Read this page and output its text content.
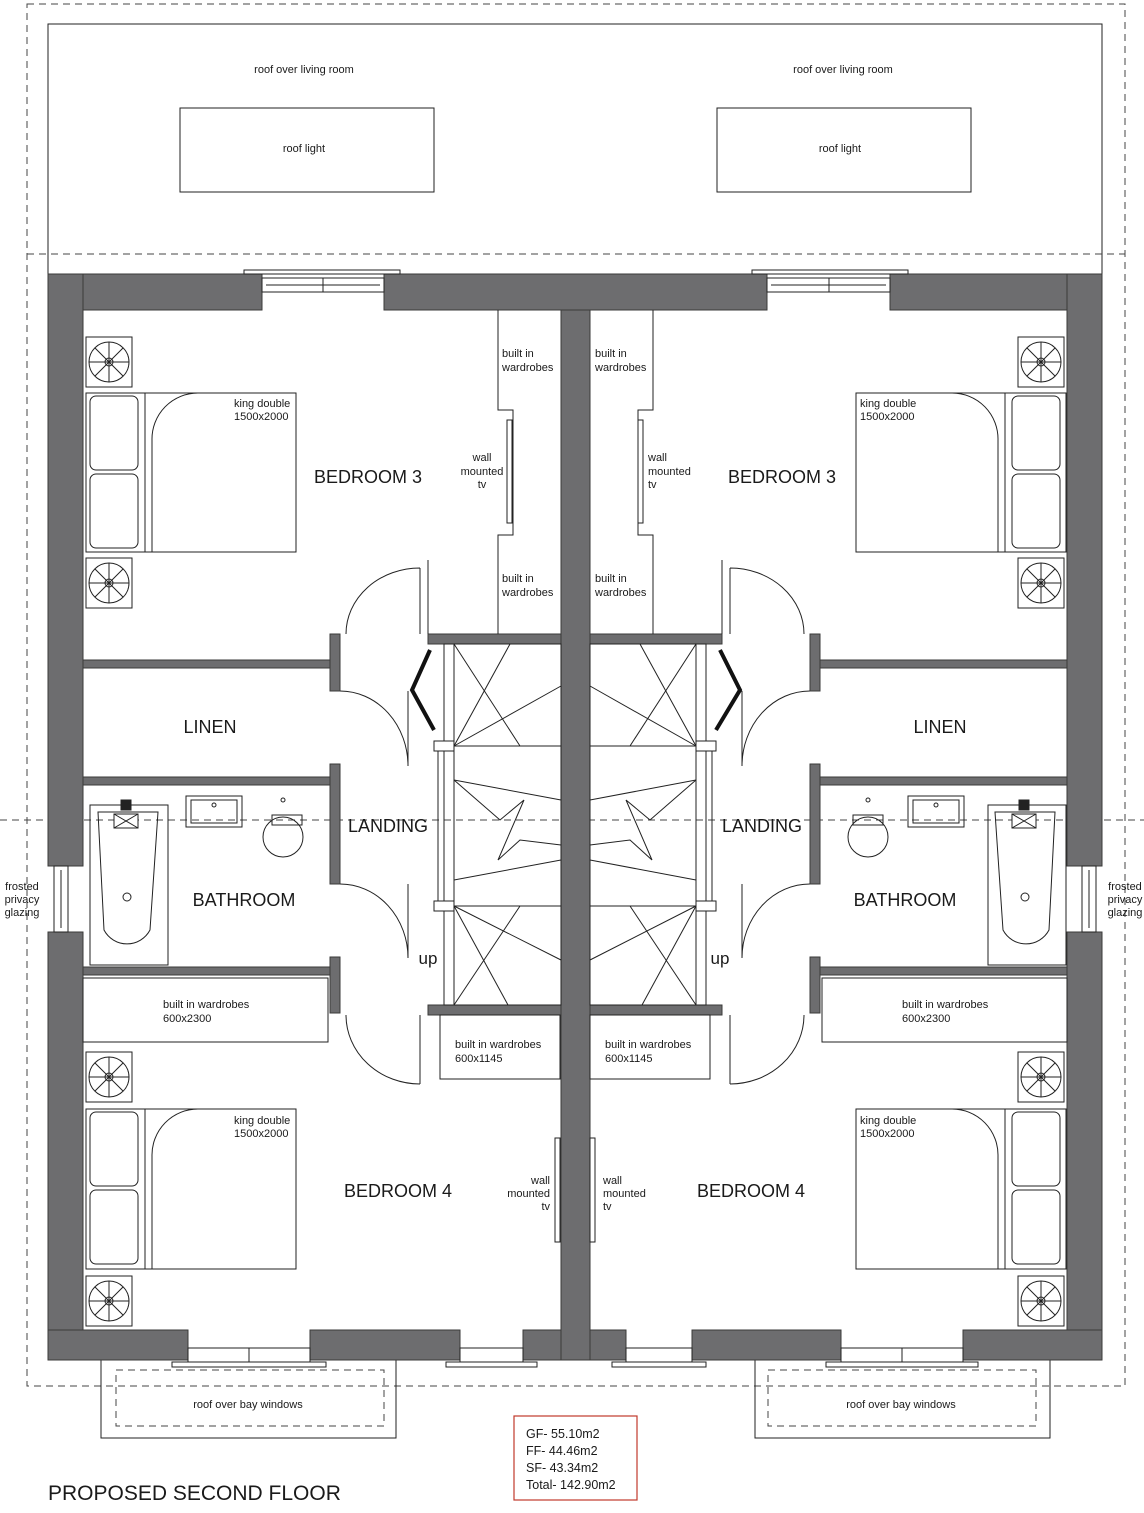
roof over living room	roof over living room
roof light	roof light
roof over bay windows	roof over bay windows
king double
1500x2000
king double
1500x2000
king double
1500x2000
king double
1500x2000
built in
wardrobes
built in
wardrobes
built in
wardrobes
built in
wardrobes
wall
mounted
tv
wall
mounted
tv
wall
mounted
tv
wall
mounted
tv
built in wardrobes
600x2300
built in wardrobes
600x2300
built in wardrobes
600x1145
built in wardrobes
600x1145
frosted
privacy
glazing
frosted
privacy
glazing
up	up
BEDROOM 3	BEDROOM 3
BEDROOM 4	BEDROOM 4
LINEN	LINEN
BATHROOM	BATHROOM
LANDING	LANDING
GF- 55.10m2
FF- 44.46m2
SF- 43.34m2
Total- 142.90m2
PROPOSED SECOND FLOOR
